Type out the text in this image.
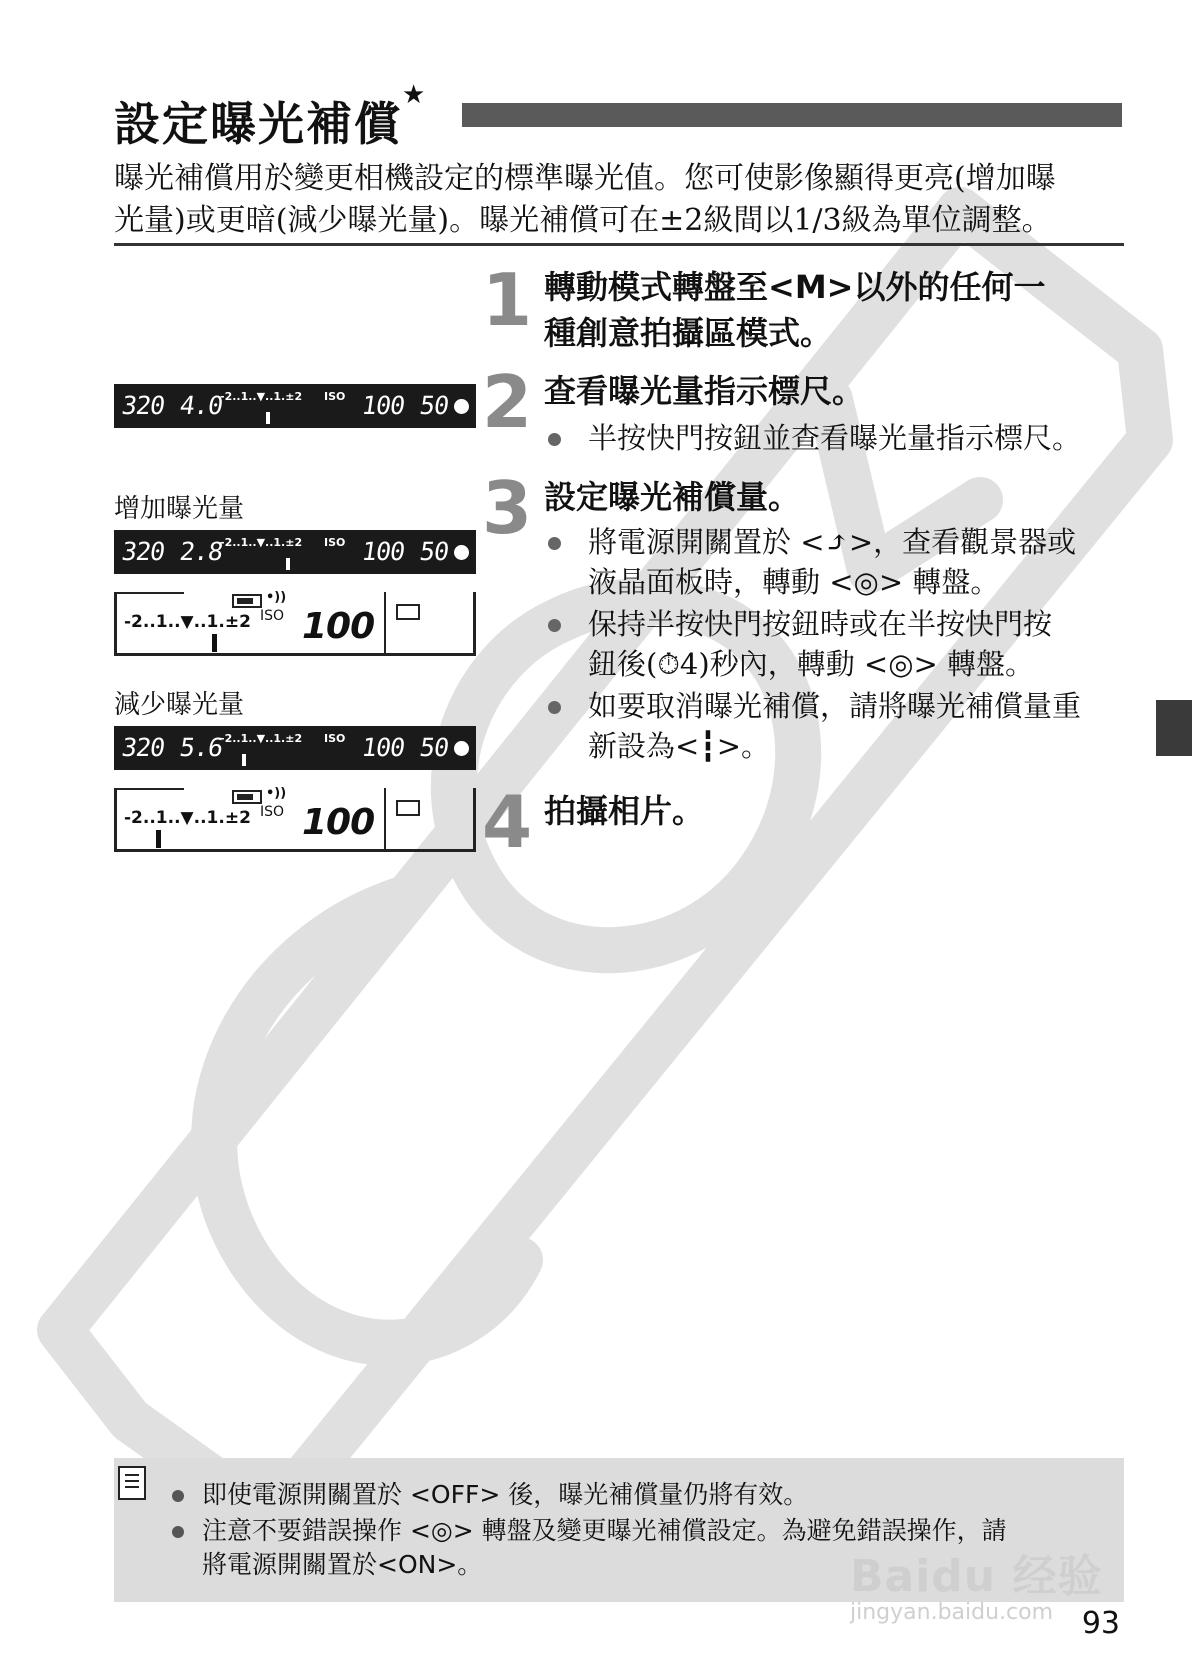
設定曝光補償★
曝光補償用於變更相機設定的標準曝光值。您可使影像顯得更亮(增加曝
光量)或更暗(減少曝光量)。曝光補償可在±2級間以1/3級為單位調整。
1 轉動模式轉盤至<M>以外的任何一
種創意拍攝區模式。
2 查看曝光量指示標尺。
半按快門按鈕並查看曝光量指示標尺。
3 設定曝光補償量。
將電源開關置於 <⤴>，查看觀景器或
液晶面板時，轉動 <◎> 轉盤。
保持半按快門按鈕時或在半按快門按
鈕後(⏱4)秒內，轉動 <◎> 轉盤。
如要取消曝光補償，請將曝光補償量重
新設為<┇>。
4 拍攝相片。
320 4.0
-2..1..▼..1.±2 ISO 100 50
增加曝光量
320 2.8
-2..1..▼..1.±2 ISO 100 50
•))
-2..1..▼..1.±2 ISO 100
減少曝光量
320 5.6
-2..1..▼..1.±2 ISO 100 50
•))
-2..1..▼..1.±2 ISO 100
即使電源開關置於 <OFF> 後，曝光補償量仍將有效。
注意不要錯誤操作 <◎> 轉盤及變更曝光補償設定。為避免錯誤操作，請
將電源開關置於<ON>。	Baidu 经验
jingyan.baidu.com 93
